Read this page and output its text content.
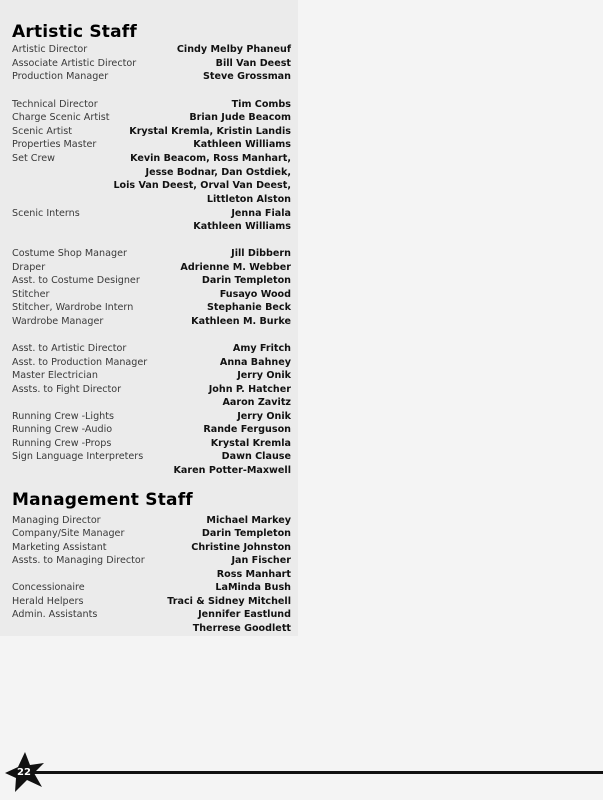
Artistic Staff
Artistic Director	Cindy Melby Phaneuf
Associate Artistic Director	Bill Van Deest
Production Manager	Steve Grossman
Technical Director	Tim Combs
Charge Scenic Artist	Brian Jude Beacom
Scenic Artist	Krystal Kremla, Kristin Landis
Properties Master	Kathleen Williams
Set Crew	Kevin Beacom, Ross Manhart,
Jesse Bodnar, Dan Ostdiek,
Lois Van Deest, Orval Van Deest,
Littleton Alston
Scenic Interns	Jenna Fiala
Kathleen Williams
Costume Shop Manager	Jill Dibbern
Draper	Adrienne M. Webber
Asst. to Costume Designer	Darin Templeton
Stitcher	Fusayo Wood
Stitcher, Wardrobe Intern	Stephanie Beck
Wardrobe Manager	Kathleen M. Burke
Asst. to Artistic Director	Amy Fritch
Asst. to Production Manager	Anna Bahney
Master Electrician	Jerry Onik
Assts. to Fight Director	John P. Hatcher
Aaron Zavitz
Running Crew -Lights	Jerry Onik
Running Crew -Audio	Rande Ferguson
Running Crew -Props	Krystal Kremla
Sign Language Interpreters	Dawn Clause
Karen Potter-Maxwell
Management Staff
Managing Director	Michael Markey
Company/Site Manager	Darin Templeton
Marketing Assistant	Christine Johnston
Assts. to Managing Director	Jan Fischer
Ross Manhart
Concessionaire	LaMinda Bush
Herald Helpers	Traci & Sidney Mitchell
Admin. Assistants	Jennifer Eastlund
Therrese Goodlett
22
